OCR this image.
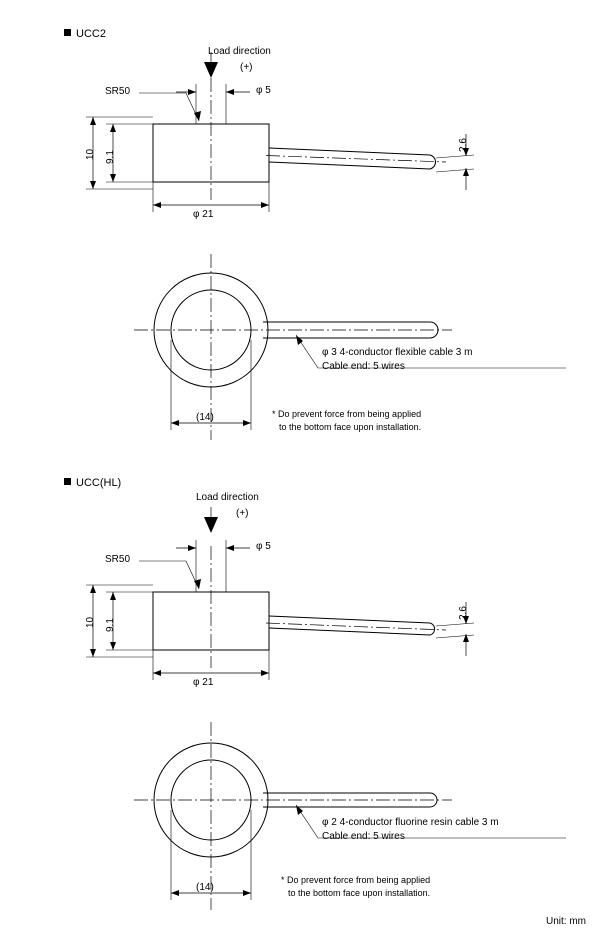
UCC2
Load direction
(+)
SR50	φ 5
2.6
9.1
10
φ 21
(14)
φ 3 4-conductor flexible cable 3 m
Cable end: 5 wires
* Do prevent force from being applied
to the bottom face upon installation.
UCC(HL)
Load direction
(+)
SR50
φ 5
2.6
9.1
10
φ 21
(14)
φ 2 4-conductor fluorine resin cable 3 m
Cable end: 5 wires
* Do prevent force from being applied
to the bottom face upon installation.
Unit: mm
